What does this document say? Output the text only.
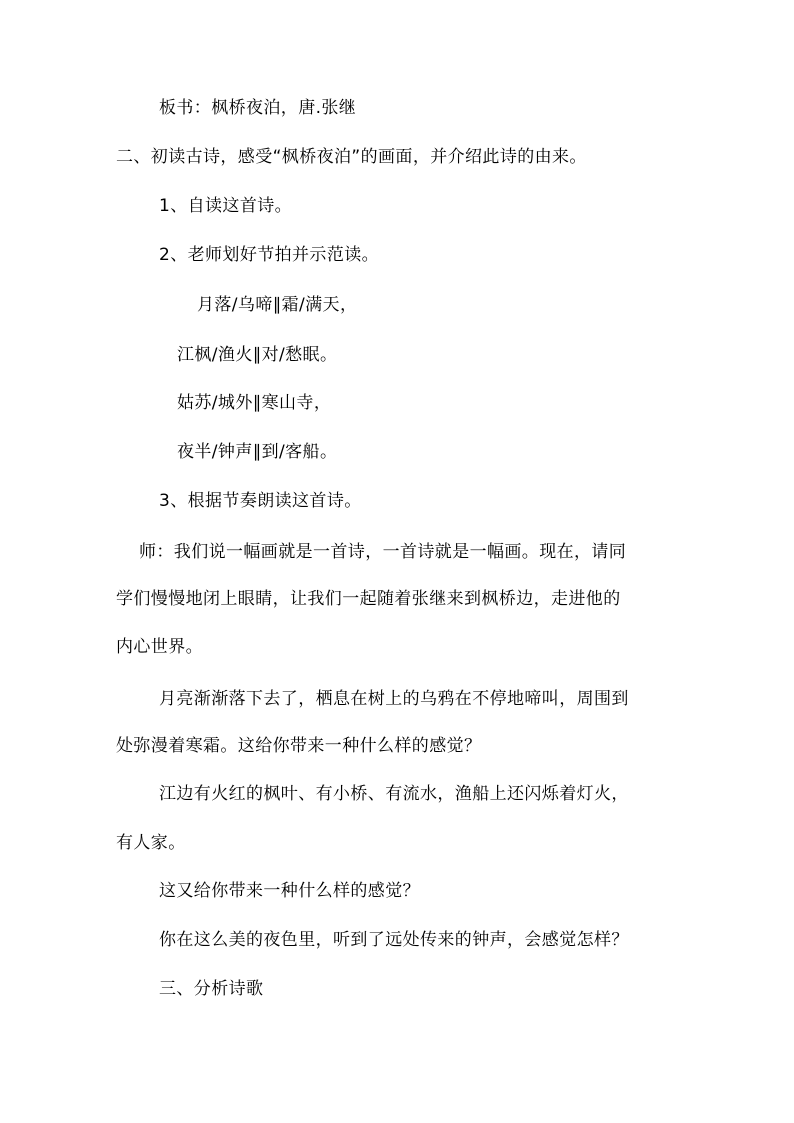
板书：枫桥夜泊，唐.张继
二、初读古诗，感受“枫桥夜泊”的画面，并介绍此诗的由来。
1、自读这首诗。
2、老师划好节拍并示范读。
月落/乌啼∥霜/满天，
江枫/渔火∥对/愁眠。
姑苏/城外∥寒山寺，
夜半/钟声∥到/客船。
3、根据节奏朗读这首诗。
师：我们说一幅画就是一首诗，一首诗就是一幅画。现在，请同
学们慢慢地闭上眼睛，让我们一起随着张继来到枫桥边，走进他的
内心世界。
月亮渐渐落下去了，栖息在树上的乌鸦在不停地啼叫，周围到
处弥漫着寒霜。这给你带来一种什么样的感觉？
江边有火红的枫叶、有小桥、有流水，渔船上还闪烁着灯火，
有人家。
这又给你带来一种什么样的感觉？
你在这么美的夜色里，听到了远处传来的钟声，会感觉怎样？
三、分析诗歌
